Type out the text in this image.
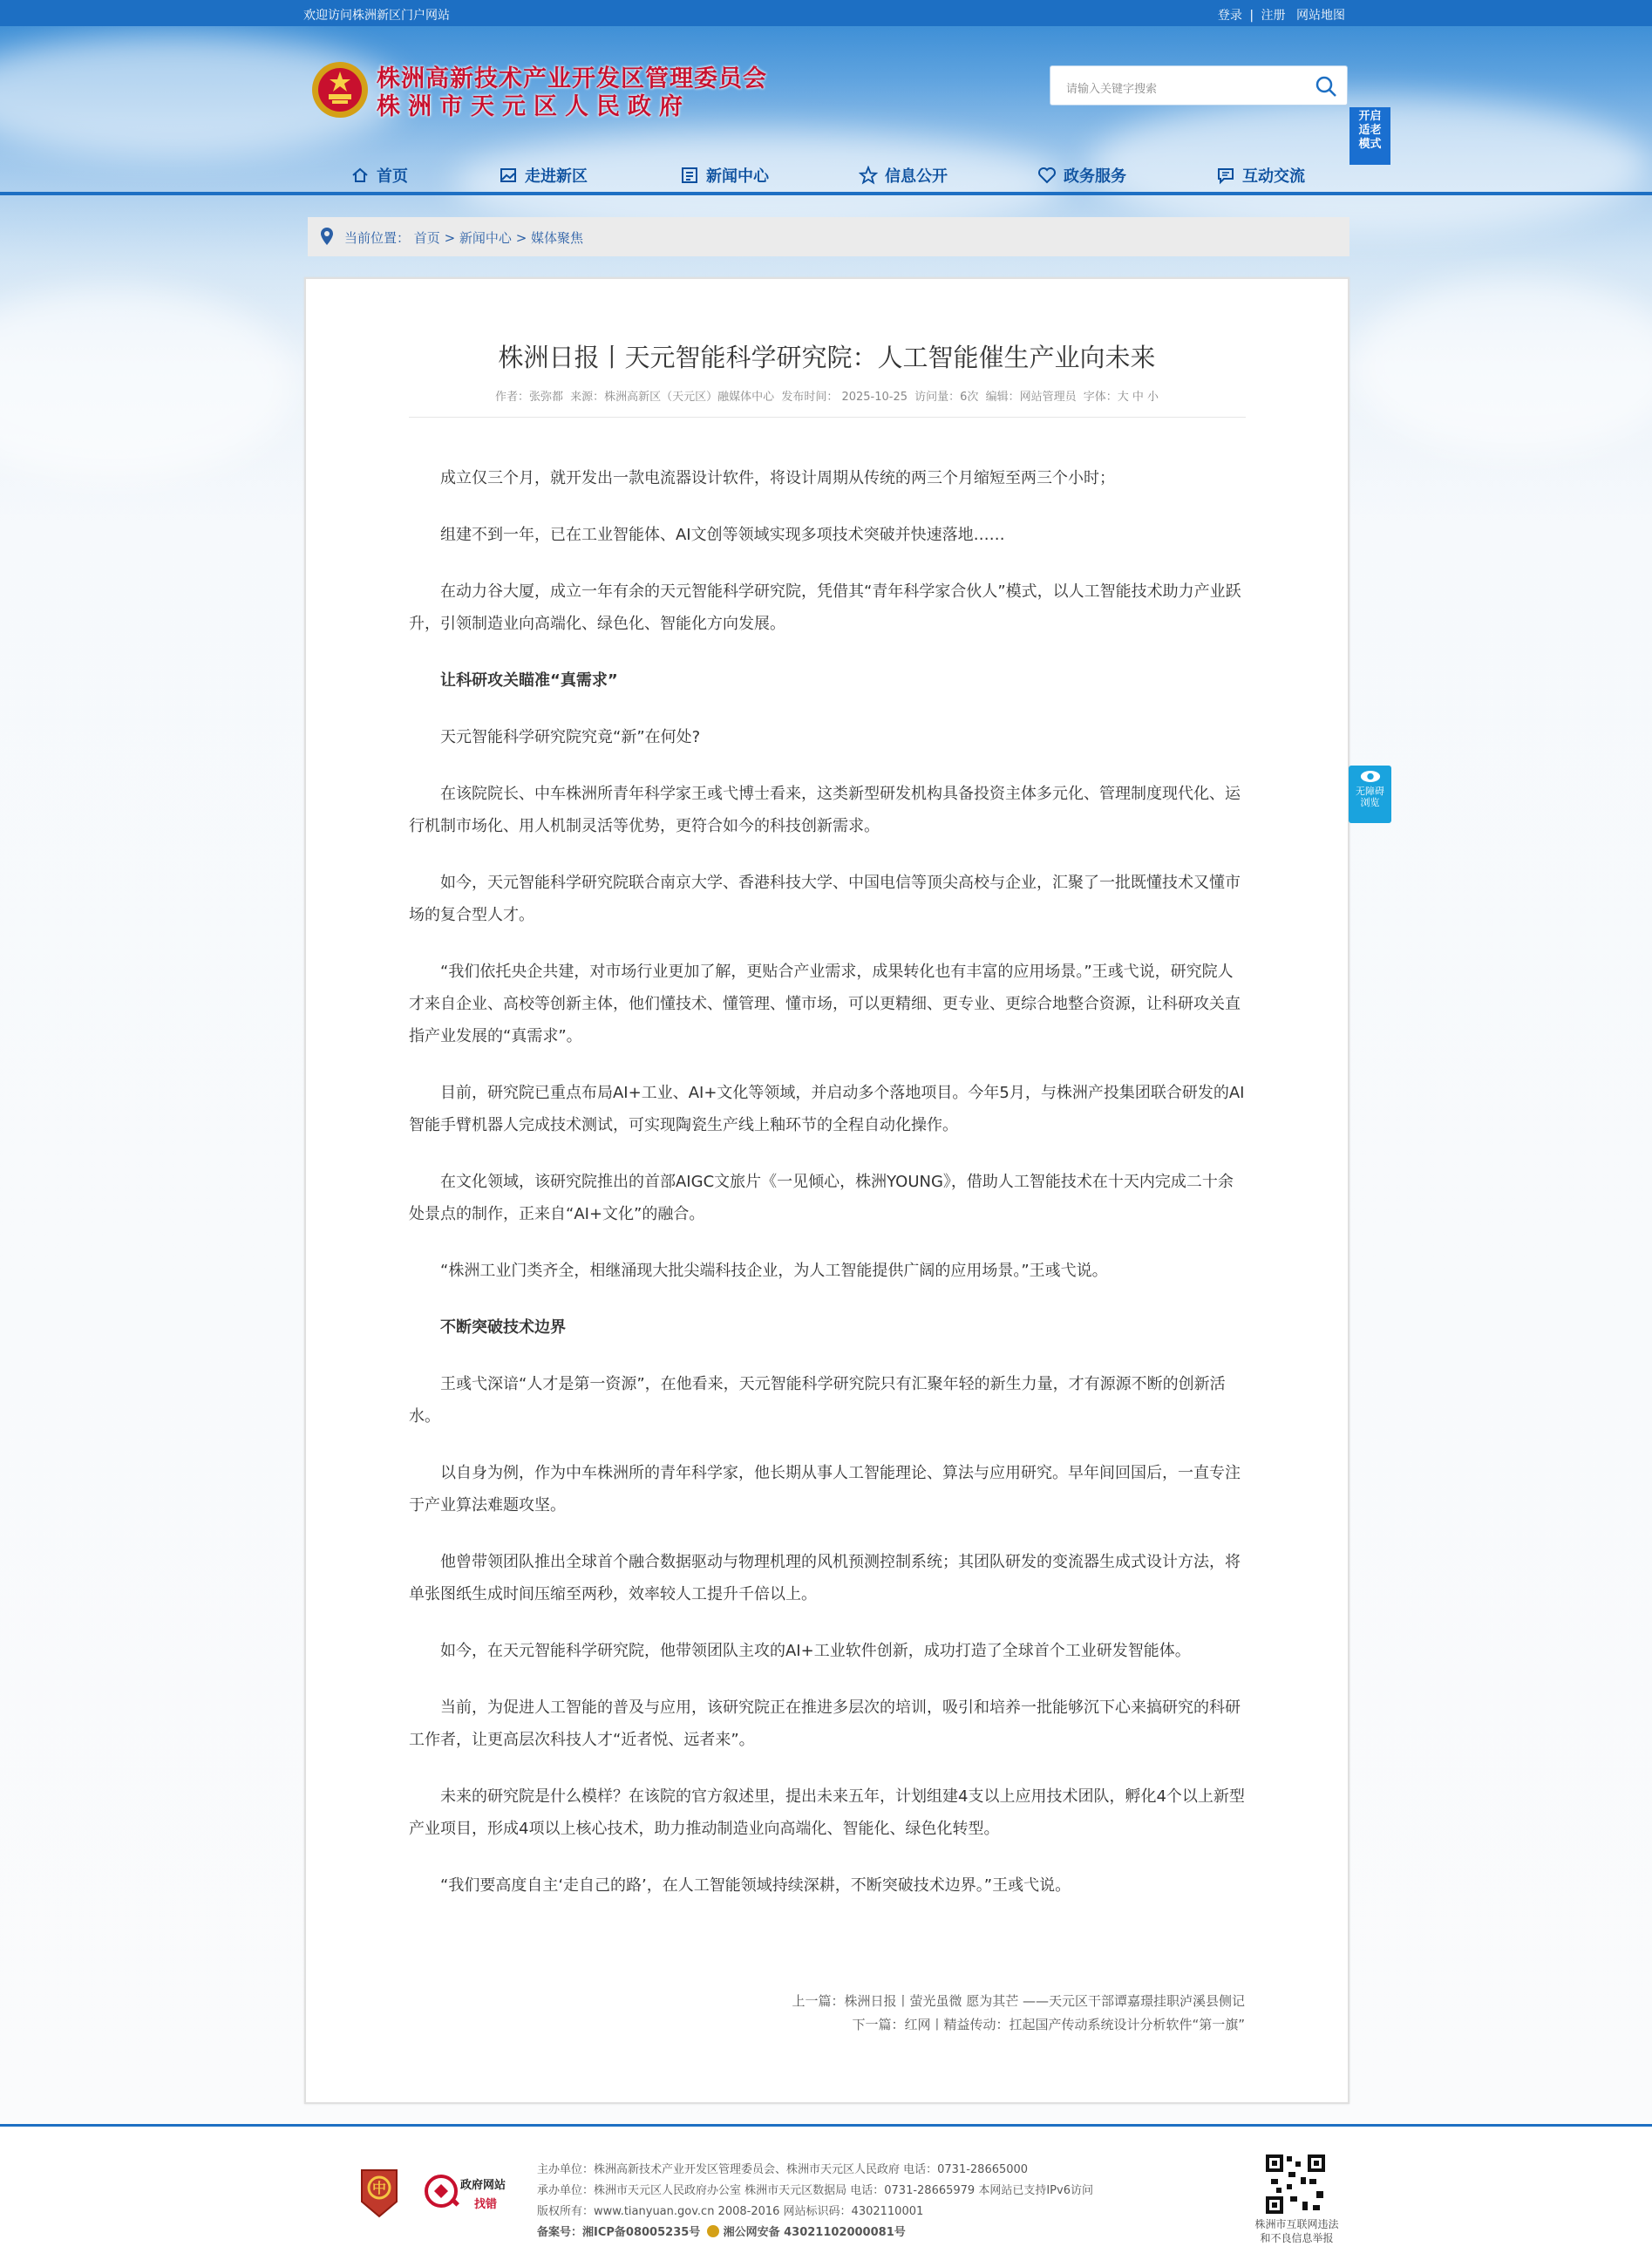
欢迎访问株洲新区门户网站	登录 | 注册 网站地图
株洲高新技术产业开发区管理委员会
株洲市天元区人民政府
请输入关键字搜索
开启
适老
模式
首页	走进新区	新闻中心	信息公开	政务服务	互动交流
当前位置： 首页 > 新闻中心 > 媒体聚焦
株洲日报丨天元智能科学研究院：人工智能催生产业向未来
作者：张弥都 来源：株洲高新区（天元区）融媒体中心 发布时间： 2025-10-25 访问量：6次 编辑：网站管理员 字体：大 中 小

成立仅三个月，就开发出一款电流器设计软件，将设计周期从传统的两三个月缩短至两三个小时；

组建不到一年，已在工业智能体、AI文创等领域实现多项技术突破并快速落地……

在动力谷大厦，成立一年有余的天元智能科学研究院，凭借其“青年科学家合伙人”模式，以人工智能技术助力产业跃升，引领制造业向高端化、绿色化、智能化方向发展。

让科研攻关瞄准“真需求”

天元智能科学研究院究竟“新”在何处?

在该院院长、中车株洲所青年科学家王彧弋博士看来，这类新型研发机构具备投资主体多元化、管理制度现代化、运行机制市场化、用人机制灵活等优势，更符合如今的科技创新需求。

如今，天元智能科学研究院联合南京大学、香港科技大学、中国电信等顶尖高校与企业，汇聚了一批既懂技术又懂市场的复合型人才。

“我们依托央企共建，对市场行业更加了解，更贴合产业需求，成果转化也有丰富的应用场景。”王彧弋说，研究院人才来自企业、高校等创新主体，他们懂技术、懂管理、懂市场，可以更精细、更专业、更综合地整合资源，让科研攻关直指产业发展的“真需求”。

目前，研究院已重点布局AI+工业、AI+文化等领域，并启动多个落地项目。今年5月，与株洲产投集团联合研发的AI智能手臂机器人完成技术测试，可实现陶瓷生产线上釉环节的全程自动化操作。

在文化领域，该研究院推出的首部AIGC文旅片《一见倾心，株洲YOUNG》，借助人工智能技术在十天内完成二十余处景点的制作，正来自“AI+文化”的融合。

“株洲工业门类齐全，相继涌现大批尖端科技企业，为人工智能提供广阔的应用场景。”王彧弋说。

不断突破技术边界

王彧弋深谙“人才是第一资源”，在他看来，天元智能科学研究院只有汇聚年轻的新生力量，才有源源不断的创新活水。

以自身为例，作为中车株洲所的青年科学家，他长期从事人工智能理论、算法与应用研究。早年间回国后，一直专注于产业算法难题攻坚。

他曾带领团队推出全球首个融合数据驱动与物理机理的风机预测控制系统；其团队研发的变流器生成式设计方法，将单张图纸生成时间压缩至两秒，效率较人工提升千倍以上。

如今，在天元智能科学研究院，他带领团队主攻的AI+工业软件创新，成功打造了全球首个工业研发智能体。

当前，为促进人工智能的普及与应用，该研究院正在推进多层次的培训，吸引和培养一批能够沉下心来搞研究的科研工作者，让更高层次科技人才“近者悦、远者来”。

未来的研究院是什么模样？在该院的官方叙述里，提出未来五年，计划组建4支以上应用技术团队，孵化4个以上新型产业项目，形成4项以上核心技术，助力推动制造业向高端化、智能化、绿色化转型。

“我们要高度自主‘走自己的路’，在人工智能领域持续深耕，不断突破技术边界。”王彧弋说。

上一篇：株洲日报丨萤光虽微 愿为其芒 ——天元区干部谭嘉璟挂职泸溪县侧记
下一篇：红网丨精益传动：扛起国产传动系统设计分析软件“第一旗”
无障碍
浏览
中	政府网站
找错
主办单位：株洲高新技术产业开发区管理委员会、株洲市天元区人民政府 电话：0731-28665000
承办单位：株洲市天元区人民政府办公室 株洲市天元区数据局 电话：0731-28665979 本网站已支持IPv6访问
版权所有：www.tianyuan.gov.cn 2008-2016 网站标识码：4302110001
备案号：湘ICP备08005235号 湘公网安备 43021102000081号
株洲市互联网违法
和不良信息举报
